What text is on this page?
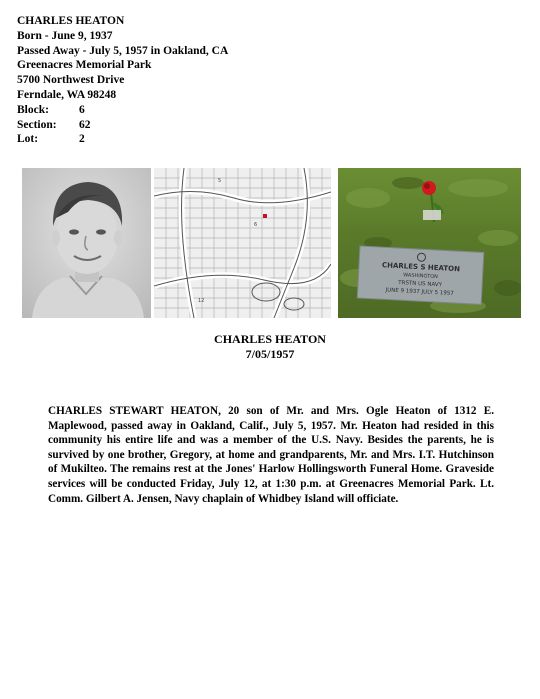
CHARLES HEATON
Born - June 9, 1937
Passed Away - July 5, 1957 in Oakland, CA
Greenacres Memorial Park
5700 Northwest Drive
Ferndale, WA 98248
Block:	6
Section:	62
Lot:	2
5
6
12
CHARLES S HEATON
WASHINGTON
TRSTN US NAVY
JUNE 9 1937 JULY 5 1957
CHARLES HEATON
7/05/1957

CHARLES STEWART HEATON, 20 son of Mr. and Mrs. Ogle Heaton of 1312 E. Maplewood, passed away in Oakland, Calif., July 5, 1957. Mr. Heaton had resided in this community his entire life and was a member of the U.S. Navy. Besides the parents, he is survived by one brother, Gregory, at home and grandparents, Mr. and Mrs. I.T. Hutchinson of Mukilteo. The remains rest at the Jones' Harlow Hollingsworth Funeral Home. Graveside services will be conducted Friday, July 12, at 1:30 p.m. at Greenacres Memorial Park. Lt. Comm. Gilbert A. Jensen, Navy chaplain of Whidbey Island will officiate.
